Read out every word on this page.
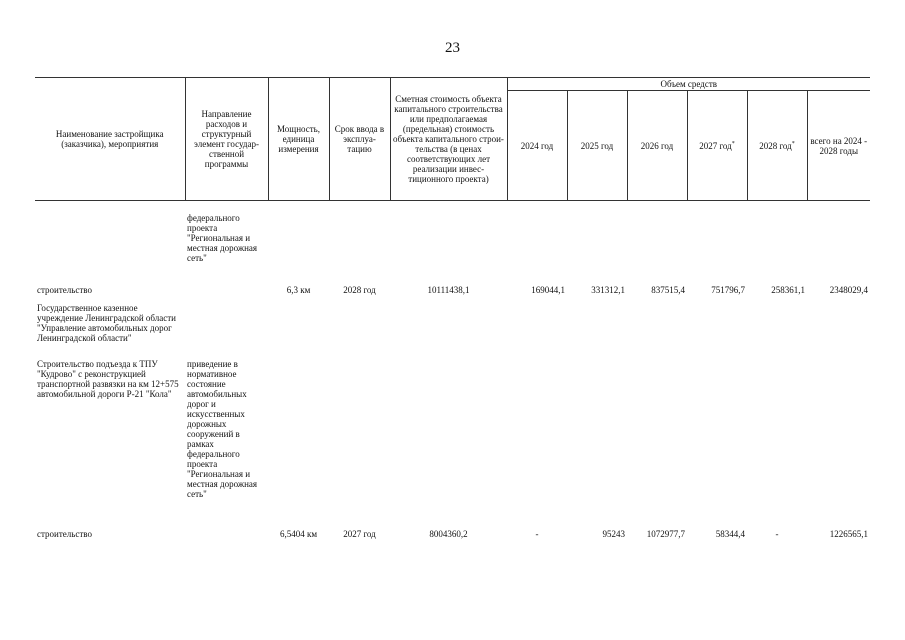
23
Наименование застройщика (заказчика), мероприятия	Направление расходов и структурный элемент государ-ственной программы	Мощность, единица измерения	Срок ввода в эксплуа-тацию	Сметная стоимость объекта капитального строительства или предполагаемая (предельная) стоимость объекта капитального строи-тельства (в ценах соответствующих лет реализации инвес-тиционного проекта)	Объем средств					
					2024 год	2025 год	2026 год	2027 год*	2028 год*	всего на 2024 - 2028 годы
	федерального проекта "Региональная и местная дорожная сеть"									
строительство		6,3 км	2028 год	10111438,1	169044,1	331312,1	837515,4	751796,7	258361,1	2348029,4
Государственное казенное учреждение Ленинградской области "Управление автомобильных дорог Ленинградской области"										
Строительство подъезда к ТПУ "Кудрово" с реконструкцией транспортной развязки на км 12+575 автомобильной дороги Р-21 "Кола"	приведение в нормативное состояние автомобильных дорог и искусственных дорожных сооружений в рамках федерального проекта "Региональная и местная дорожная сеть"									
строительство		6,5404 км	2027 год	8004360,2	-	95243	1072977,7	58344,4	-	1226565,1
